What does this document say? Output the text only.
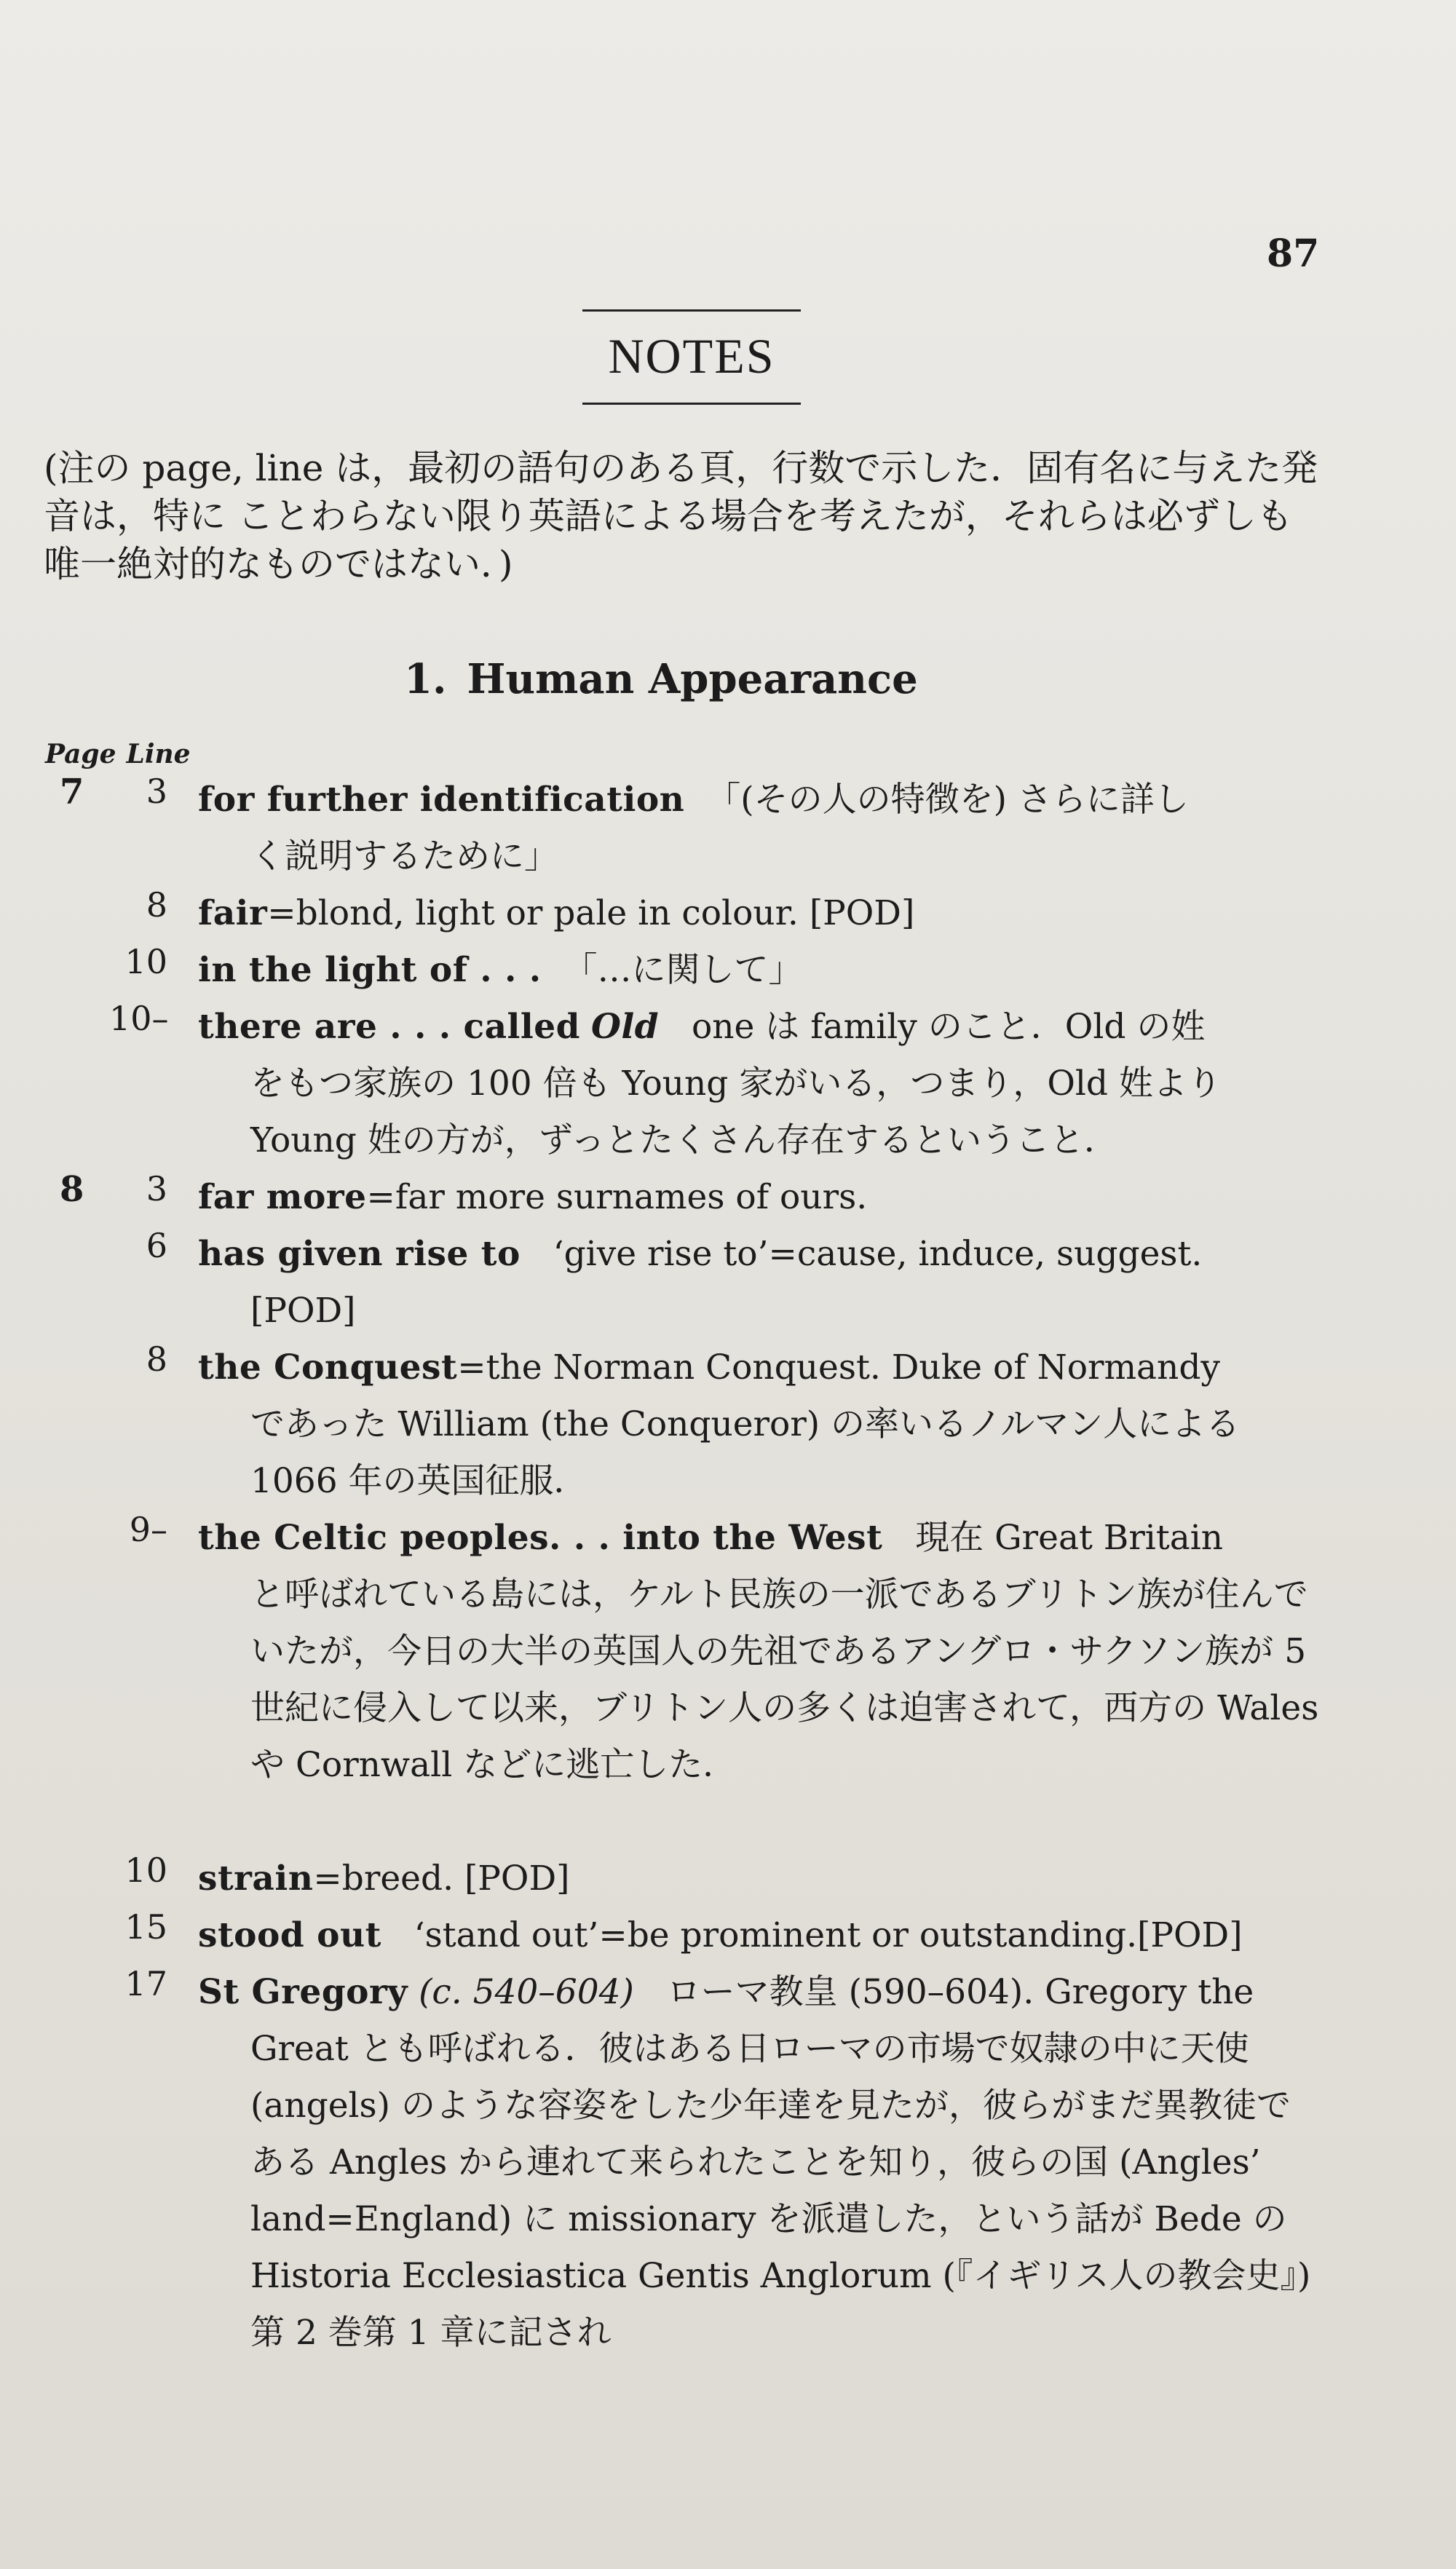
87
NOTES
(注の page, line は，最初の語句のある頁，行数で示した．固有名に与えた発音は，特に ことわらない限り英語による場合を考えたが，それらは必ずしも唯一絶対的なものではない．)
1. Human Appearance
Page Line
7	3 for further identification 「(その人の特徴を) さらに詳し
く説明するために」
8 fair=blond, light or pale in colour. [POD]
10 in the light of . . . 「…に関して」
10– there are . . . called Old one は family のこと．Old の姓
をもつ家族の 100 倍も Young 家がいる，つまり，Old 姓より Young 姓の方が，ずっとたくさん存在するということ．
8	3 far more=far more surnames of ours.
6 has given rise to ‘give rise to’=cause, induce, suggest.
[POD]
8 the Conquest=the Norman Conquest. Duke of Normandy
であった William (the Conqueror) の率いるノルマン人による 1066 年の英国征服．
9– the Celtic peoples. . . into the West 現在 Great Britain
と呼ばれている島には，ケルト民族の一派であるブリトン族が住んでいたが，今日の大半の英国人の先祖であるアングロ・サクソン族が 5 世紀に侵入して以来，ブリトン人の多くは迫害されて，西方の Wales や Cornwall などに逃亡した．
10 strain=breed. [POD]
15 stood out ‘stand out’=be prominent or outstanding.[POD]
17 St Gregory (c. 540–604) ローマ教皇 (590–604). Gregory the
Great とも呼ばれる．彼はある日ローマの市場で奴隷の中に天使 (angels) のような容姿をした少年達を見たが，彼らがまだ異教徒である Angles から連れて来られたことを知り，彼らの国 (Angles’ land=England) に missionary を派遣した，という話が Bede の Historia Ecclesiastica Gentis Anglorum (『イギリス人の教会史』) 第 2 巻第 1 章に記され
